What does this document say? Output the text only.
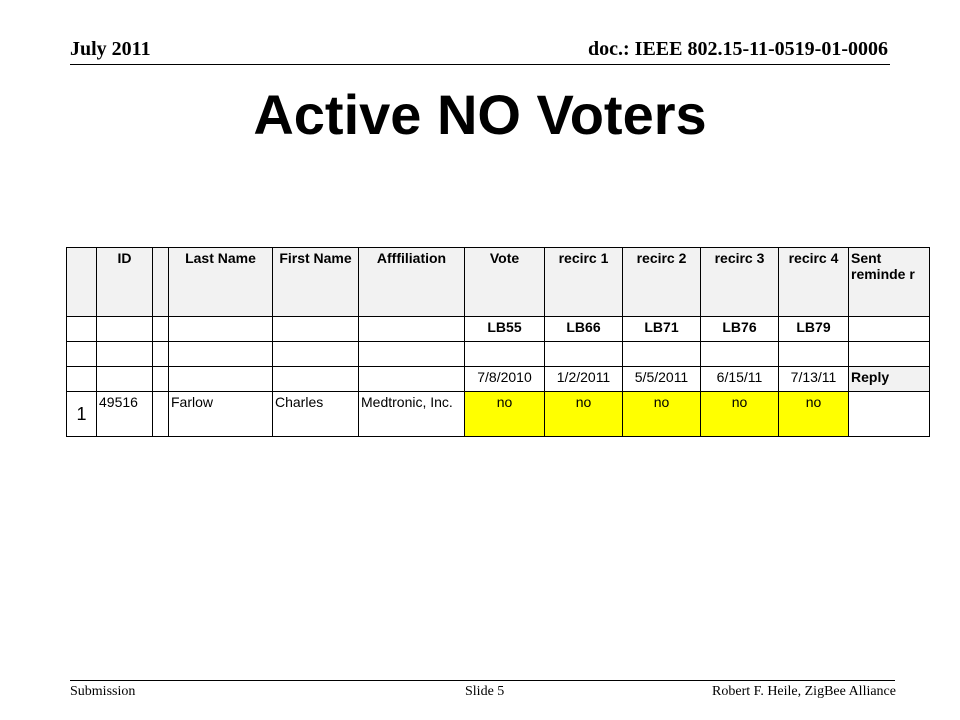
July 2011	doc.: IEEE 802.15-11-0519-01-0006
Active NO Voters
	ID		Last Name	First Name	Afffiliation	Vote	recirc 1	recirc 2	recirc 3	recirc 4	Sent reminde r
						LB55	LB66	LB71	LB76	LB79	

						7/8/2010	1/2/2011	5/5/2011	6/15/11	7/13/11	Reply
1	49516		Farlow	Charles	Medtronic, Inc.	no	no	no	no	no	
Submission	Slide 5	Robert F. Heile, ZigBee Alliance
